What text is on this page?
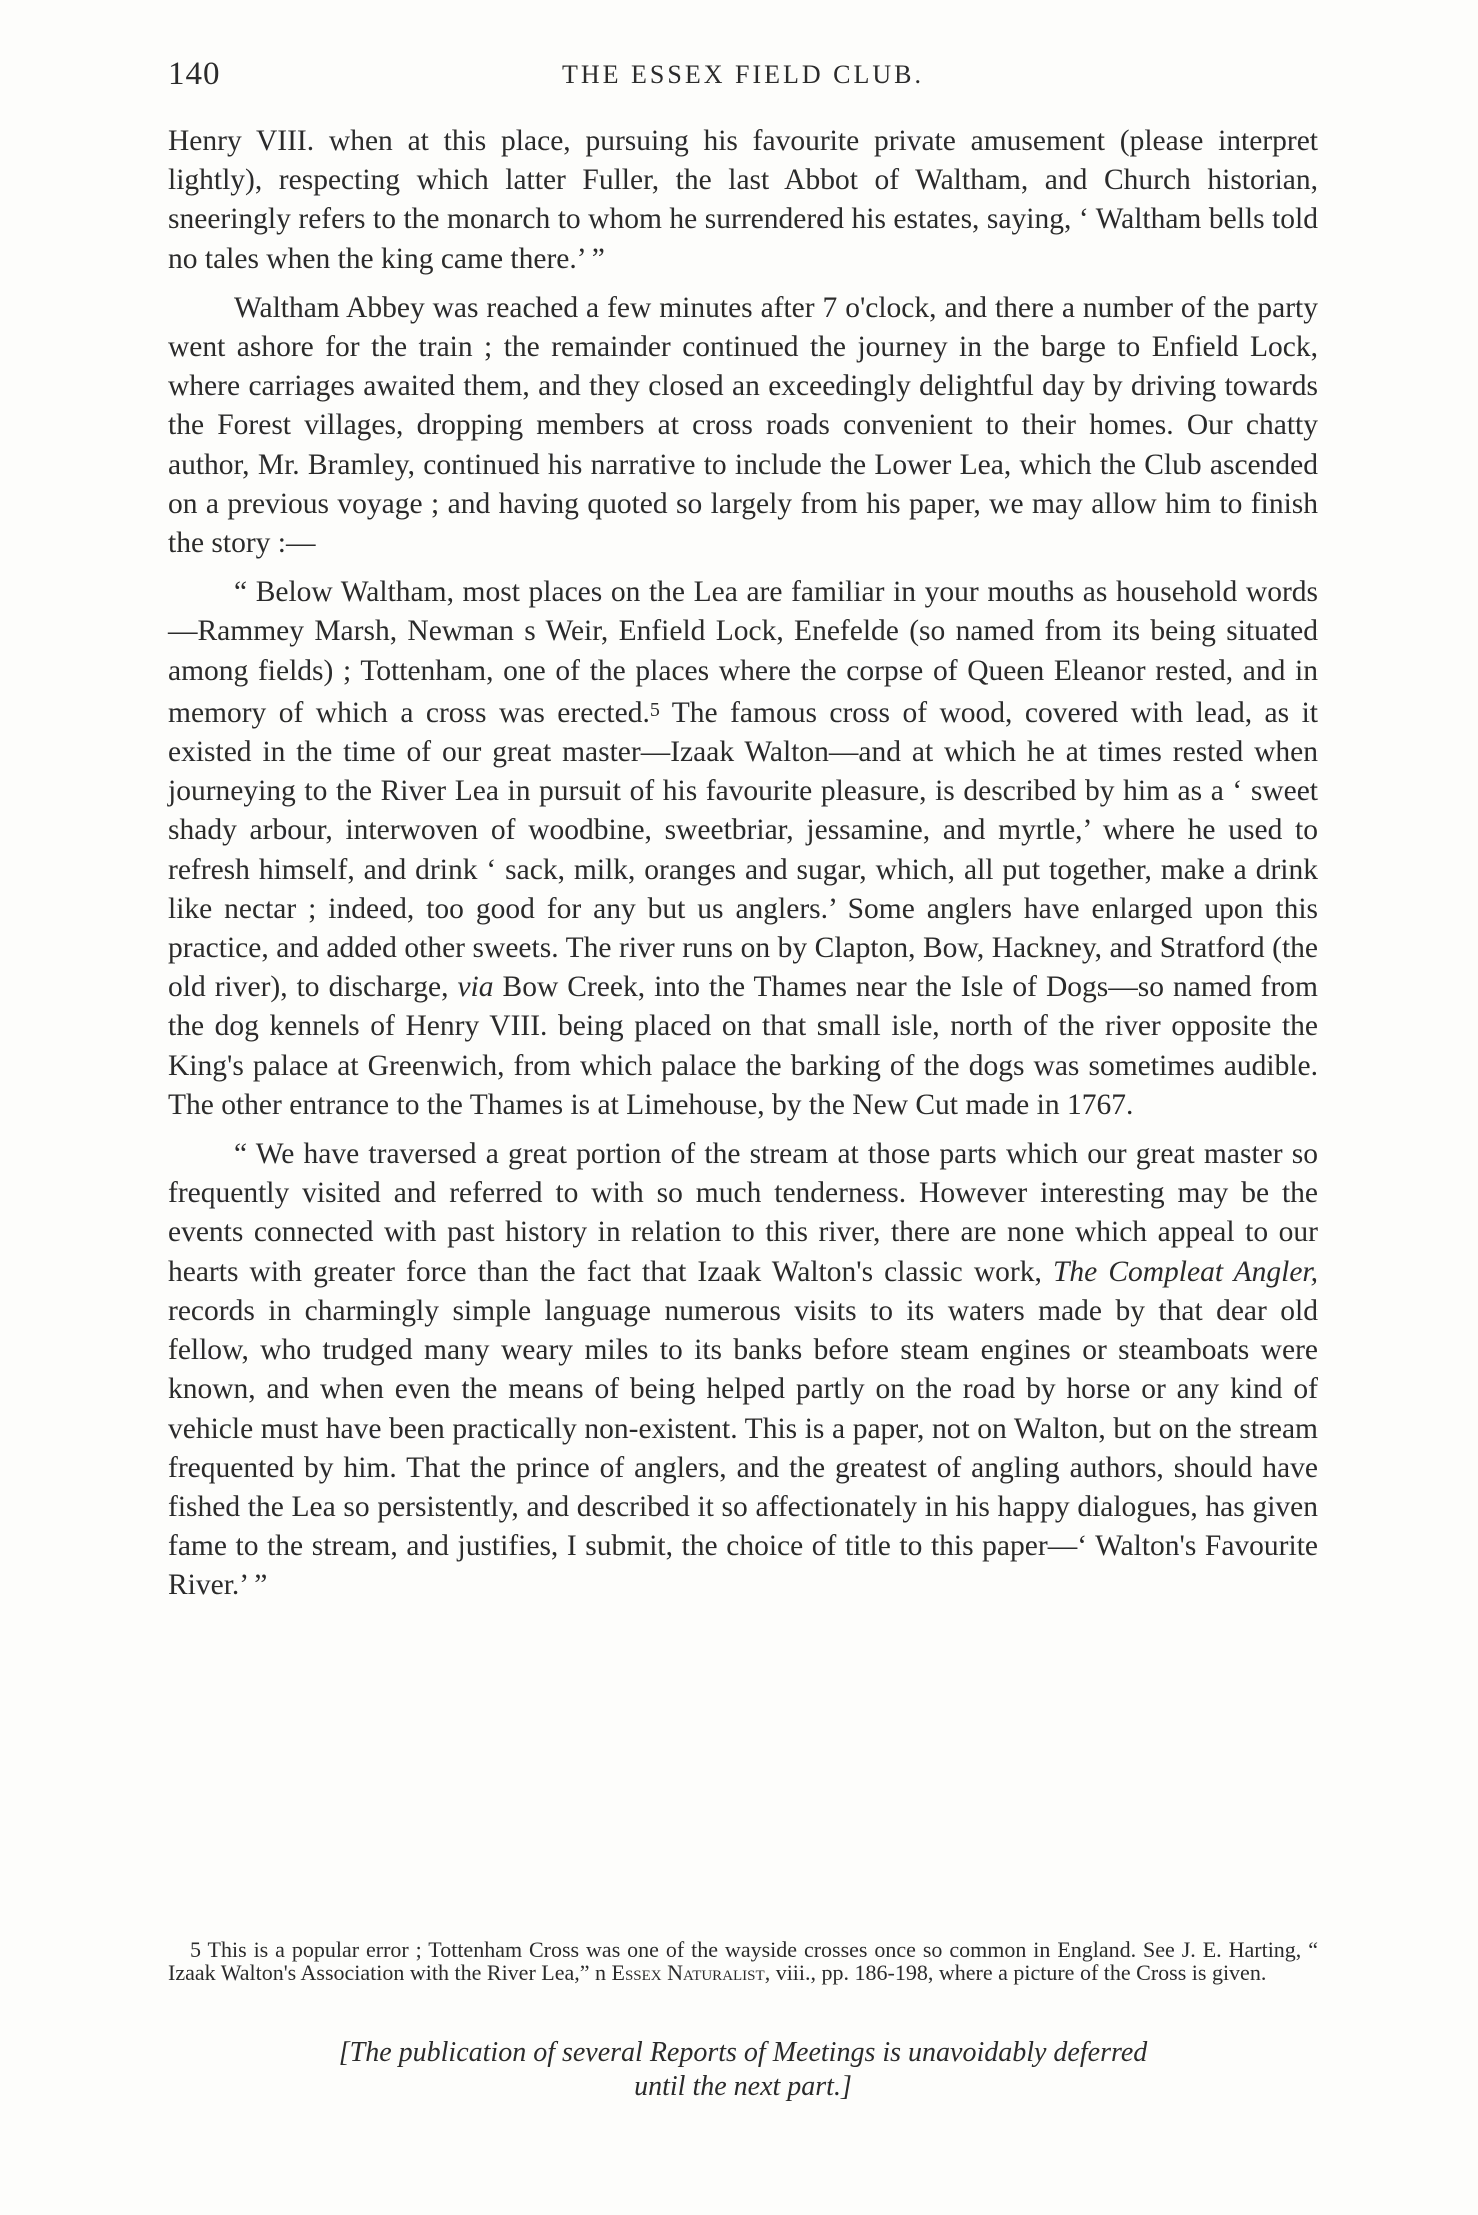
140	THE ESSEX FIELD CLUB.

Henry VIII. when at this place, pursuing his favourite private amusement (please interpret lightly), respecting which latter Fuller, the last Abbot of Waltham, and Church historian, sneeringly refers to the monarch to whom he surrendered his estates, saying, ‘ Waltham bells told no tales when the king came there.’ ”

Waltham Abbey was reached a few minutes after 7 o'clock, and there a number of the party went ashore for the train ; the remainder continued the journey in the barge to Enfield Lock, where carriages awaited them, and they closed an exceedingly delightful day by driving towards the Forest villages, dropping members at cross roads convenient to their homes. Our chatty author, Mr. Bramley, continued his narrative to include the Lower Lea, which the Club ascended on a previous voyage ; and having quoted so largely from his paper, we may allow him to finish the story :—

“ Below Waltham, most places on the Lea are familiar in your mouths as household words—Rammey Marsh, Newman s Weir, Enfield Lock, Enefelde (so named from its being situated among fields) ; Tottenham, one of the places where the corpse of Queen Eleanor rested, and in memory of which a cross was erected.$^5$ The famous cross of wood, covered with lead, as it existed in the time of our great master—Izaak Walton—and at which he at times rested when journeying to the River Lea in pursuit of his favourite pleasure, is described by him as a ‘ sweet shady arbour, interwoven of woodbine, sweetbriar, jessamine, and myrtle,’ where he used to refresh himself, and drink ‘ sack, milk, oranges and sugar, which, all put together, make a drink like nectar ; indeed, too good for any but us anglers.’ Some anglers have enlarged upon this practice, and added other sweets. The river runs on by Clapton, Bow, Hackney, and Stratford (the old river), to discharge, via Bow Creek, into the Thames near the Isle of Dogs—so named from the dog kennels of Henry VIII. being placed on that small isle, north of the river opposite the King's palace at Greenwich, from which palace the barking of the dogs was sometimes audible. The other entrance to the Thames is at Limehouse, by the New Cut made in 1767.

“ We have traversed a great portion of the stream at those parts which our great master so frequently visited and referred to with so much tenderness. However interesting may be the events connected with past history in relation to this river, there are none which appeal to our hearts with greater force than the fact that Izaak Walton's classic work, The Compleat Angler, records in charmingly simple language numerous visits to its waters made by that dear old fellow, who trudged many weary miles to its banks before steam engines or steamboats were known, and when even the means of being helped partly on the road by horse or any kind of vehicle must have been practically non-existent. This is a paper, not on Walton, but on the stream frequented by him. That the prince of anglers, and the greatest of angling authors, should have fished the Lea so persistently, and described it so affectionately in his happy dialogues, has given fame to the stream, and justifies, I submit, the choice of title to this paper—‘ Walton's Favourite River.’ ”

5 This is a popular error ; Tottenham Cross was one of the wayside crosses once so common in England. See J. E. Harting, “ Izaak Walton's Association with the River Lea,” n Essex Naturalist, viii., pp. 186-198, where a picture of the Cross is given.

[The publication of several Reports of Meetings is unavoidably deferred
until the next part.]
